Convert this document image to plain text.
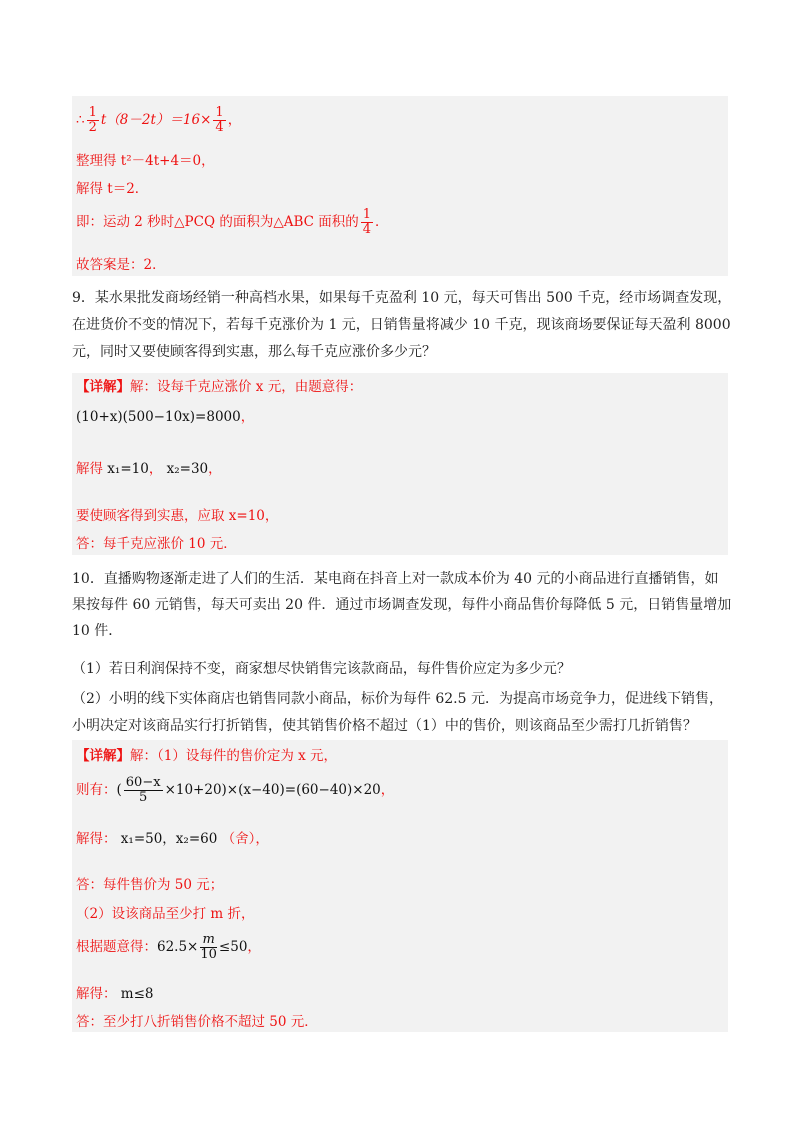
∴ $\frac{1}{2} t(8-2t)=16\times \frac{1}{4}$ ，
整理得 t²－4t+4＝0，
解得 t＝2．
即：运动 2 秒时△PCQ 的面积为△ABC 面积的 $\frac{1}{4}$ ．
故答案是：2．
9．某水果批发商场经销一种高档水果，如果每千克盈利 10 元，每天可售出 500 千克，经市场调查发现，在进货价不变的情况下，若每千克涨价为 1 元，日销售量将减少 10 千克，现该商场要保证每天盈利 8000 元，同时又要使顾客得到实惠，那么每千克应涨价多少元？
【详解】解：设每千克应涨价 x 元，由题意得：
(10+x)(500−10x)=8000，
解得 x₁=10， x₂=30，
要使顾客得到实惠，应取 x=10，
答：每千克应涨价 10 元．
10．直播购物逐渐走进了人们的生活．某电商在抖音上对一款成本价为 40 元的小商品进行直播销售，如果按每件 60 元销售，每天可卖出 20 件．通过市场调查发现，每件小商品售价每降低 5 元，日销售量增加 10 件．
（1）若日利润保持不变，商家想尽快销售完该款商品，每件售价应定为多少元？
（2）小明的线下实体商店也销售同款小商品，标价为每件 62.5 元．为提高市场竞争力，促进线下销售，小明决定对该商品实行打折销售，使其销售价格不超过（1）中的售价，则该商品至少需打几折销售？
【详解】解：（1）设每件的售价定为 x 元，
则有：( $\frac{60-x}{5} \times 10+20)\times(x-40)=(60-40)\times 20$，
解得： x₁=50，x₂=60 （舍），
答：每件售价为 50 元；
（2）设该商品至少打 m 折，
根据题意得：$62.5\times \frac{m}{10} \le 50$，
解得： m≤8
答：至少打八折销售价格不超过 50 元．
